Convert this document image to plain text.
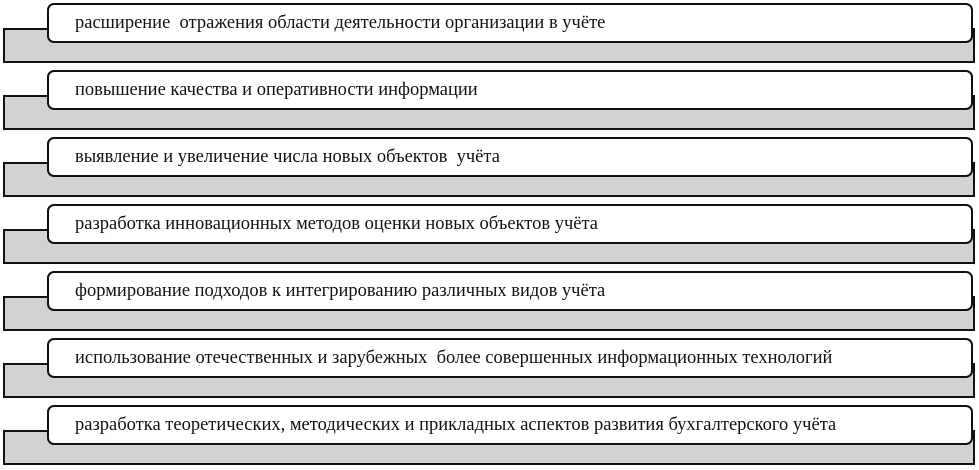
расширение  отражения области деятельности организации в учёте
повышение качества и оперативности информации
выявление и увеличение числа новых объектов  учёта
разработка инновационных методов оценки новых объектов учёта
формирование подходов к интегрированию различных видов учёта
использование отечественных и зарубежных  более совершенных информационных технологий
разработка теоретических, методических и прикладных аспектов развития бухгалтерского учёта
